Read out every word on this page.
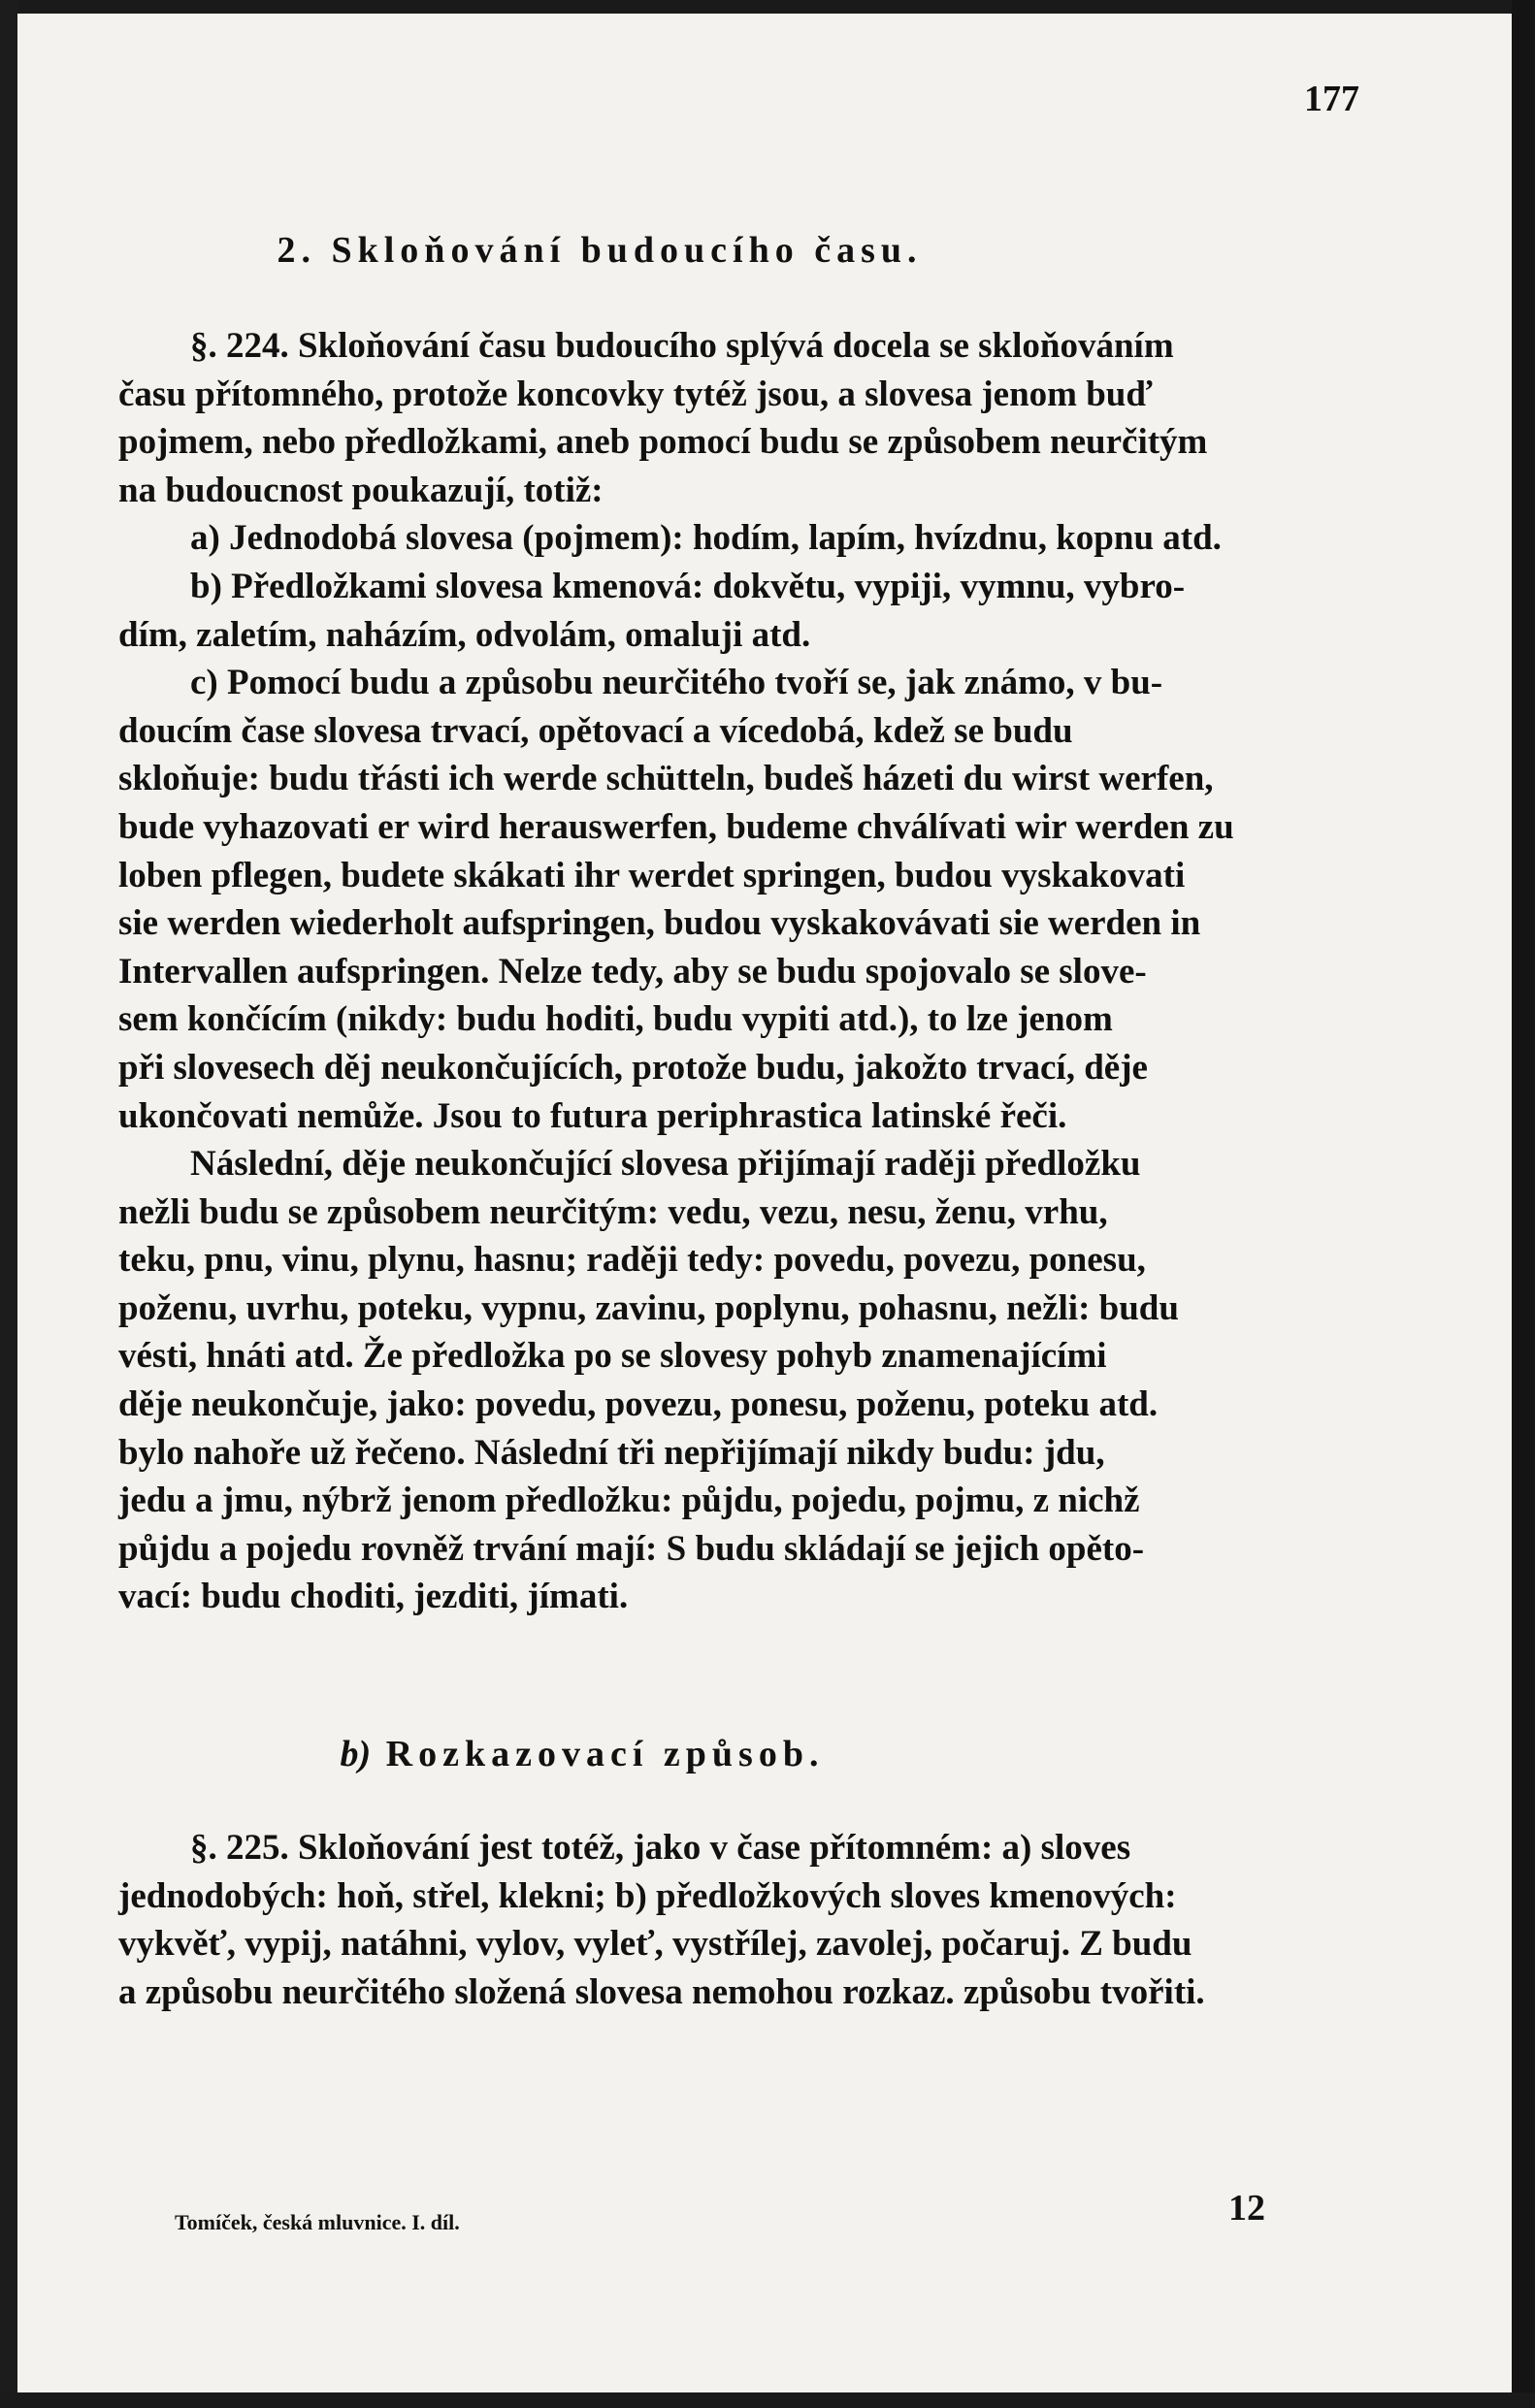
177
2. Skloňování budoucího času.

§. 224. Skloňování času budoucího splývá docela se skloňováním

času přítomného, protože koncovky tytéž jsou, a slovesa jenom buď

pojmem, nebo předložkami, aneb pomocí budu se způsobem neurčitým

na budoucnost poukazují, totiž:

a) Jednodobá slovesa (pojmem): hodím, lapím, hvízdnu, kopnu atd.

b) Předložkami slovesa kmenová: dokvětu, vypiji, vymnu, vybro-

dím, zaletím, naházím, odvolám, omaluji atd.

c) Pomocí budu a způsobu neurčitého tvoří se, jak známo, v bu-

doucím čase slovesa trvací, opětovací a vícedobá, kdež se budu

skloňuje: budu třásti ich werde schütteln, budeš házeti du wirst werfen,

bude vyhazovati er wird herauswerfen, budeme chválívati wir werden zu

loben pflegen, budete skákati ihr werdet springen, budou vyskakovati

sie werden wiederholt aufspringen, budou vyskakovávati sie werden in

Intervallen aufspringen. Nelze tedy, aby se budu spojovalo se slove-

sem končícím (nikdy: budu hoditi, budu vypiti atd.), to lze jenom

při slovesech děj neukončujících, protože budu, jakožto trvací, děje

ukončovati nemůže. Jsou to futura periphrastica latinské řeči.

Následní, děje neukončující slovesa přijímají raději předložku

nežli budu se způsobem neurčitým: vedu, vezu, nesu, ženu, vrhu,

teku, pnu, vinu, plynu, hasnu; raději tedy: povedu, povezu, ponesu,

poženu, uvrhu, poteku, vypnu, zavinu, poplynu, pohasnu, nežli: budu

vésti, hnáti atd. Že předložka po se slovesy pohyb znamenajícími

děje neukončuje, jako: povedu, povezu, ponesu, poženu, poteku atd.

bylo nahoře už řečeno. Následní tři nepřijímají nikdy budu: jdu,

jedu a jmu, nýbrž jenom předložku: půjdu, pojedu, pojmu, z nichž

půjdu a pojedu rovněž trvání mají: S budu skládají se jejich opěto-

vací: budu choditi, jezditi, jímati.

b) Rozkazovací způsob.

§. 225. Skloňování jest totéž, jako v čase přítomném: a) sloves

jednodobých: hoň, střel, klekni; b) předložkových sloves kmenových:

vykvěť, vypij, natáhni, vylov, vyleť, vystřílej, zavolej, počaruj. Z budu

a způsobu neurčitého složená slovesa nemohou rozkaz. způsobu tvořiti.

Tomíček, česká mluvnice. I. díl.	12
